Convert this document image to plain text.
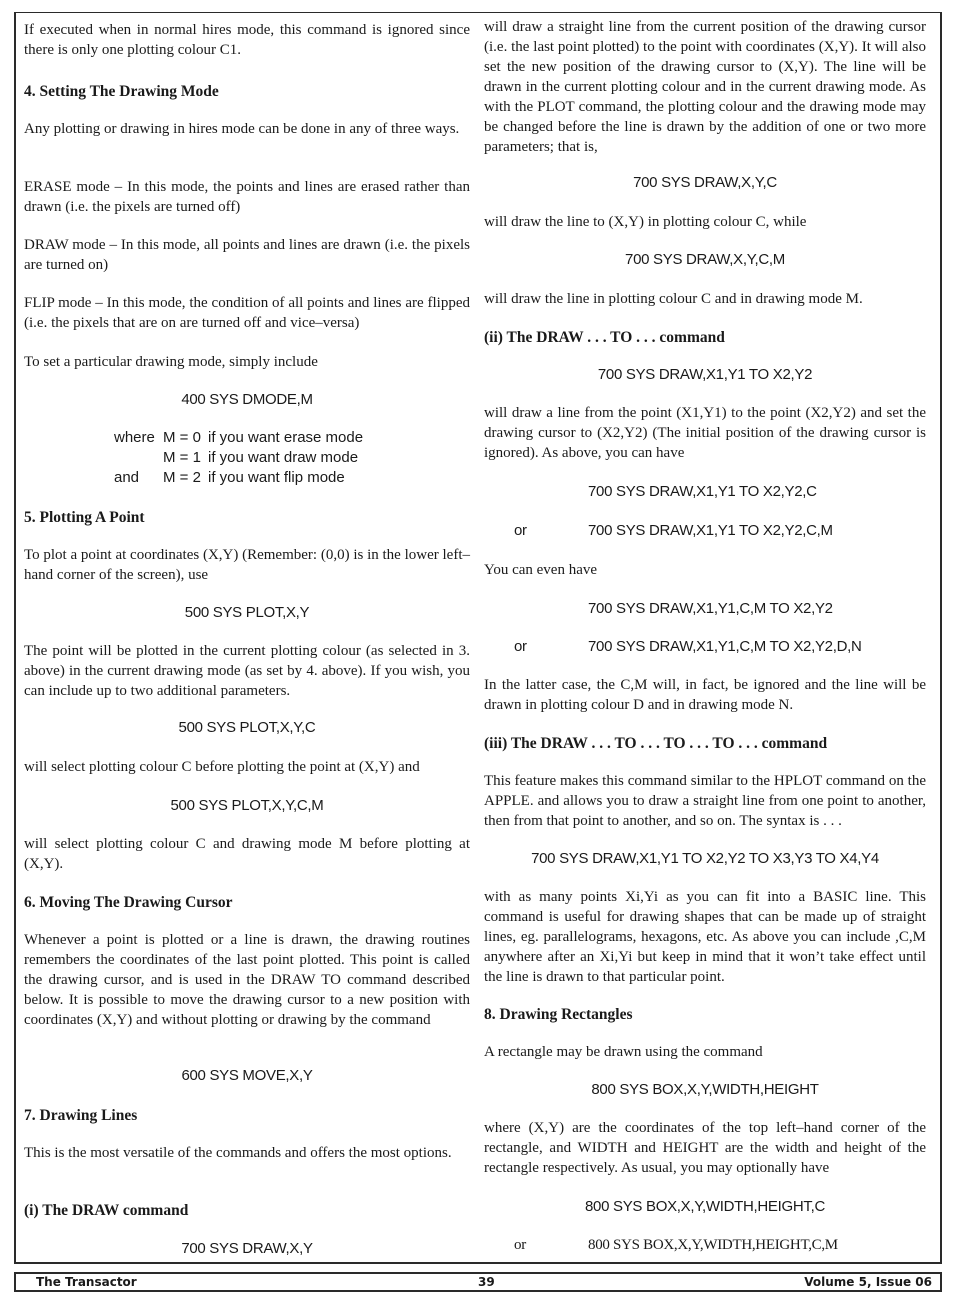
If executed when in normal hires mode, this command is ignored since there is only one plotting colour C1.

4. Setting The Drawing Mode

Any plotting or drawing in hires mode can be done in any of three ways.

ERASE mode – In this mode, the points and lines are erased rather than drawn (i.e. the pixels are turned off)

DRAW mode – In this mode, all points and lines are drawn (i.e. the pixels are turned on)

FLIP mode – In this mode, the condition of all points and lines are flipped (i.e. the pixels that are on are turned off and vice–versa)

To set a particular drawing mode, simply include

400 SYS DMODE,M
where M = 0 if you want erase mode
M = 1 if you want draw mode
and M = 2 if you want flip mode
5. Plotting A Point

To plot a point at coordinates (X,Y) (Remember: (0,0) is in the lower left–hand corner of the screen), use

500 SYS PLOT,X,Y

The point will be plotted in the current plotting colour (as selected in 3. above) in the current drawing mode (as set by 4. above). If you wish, you can include up to two additional parameters.

500 SYS PLOT,X,Y,C

will select plotting colour C before plotting the point at (X,Y) and

500 SYS PLOT,X,Y,C,M

will select plotting colour C and drawing mode M before plotting at (X,Y).

6. Moving The Drawing Cursor

Whenever a point is plotted or a line is drawn, the drawing routines remembers the coordinates of the last point plotted. This point is called the drawing cursor, and is used in the DRAW TO command described below. It is possible to move the drawing cursor to a new position with coordinates (X,Y) and without plotting or drawing by the command

600 SYS MOVE,X,Y
7. Drawing Lines

This is the most versatile of the commands and offers the most options.

(i) The DRAW command
700 SYS DRAW,X,Y

will draw a straight line from the current position of the drawing cursor (i.e. the last point plotted) to the point with coordinates (X,Y). It will also set the new position of the drawing cursor to (X,Y). The line will be drawn in the current plotting colour and in the current drawing mode. As with the PLOT command, the plotting colour and the drawing mode may be changed before the line is drawn by the addition of one or two more parameters; that is,

700 SYS DRAW,X,Y,C

will draw the line to (X,Y) in plotting colour C, while

700 SYS DRAW,X,Y,C,M

will draw the line in plotting colour C and in drawing mode M.

(ii) The DRAW . . . TO . . . command
700 SYS DRAW,X1,Y1 TO X2,Y2

will draw a line from the point (X1,Y1) to the point (X2,Y2) and set the drawing cursor to (X2,Y2) (The initial position of the drawing cursor is ignored). As above, you can have

700 SYS DRAW,X1,Y1 TO X2,Y2,C
or	700 SYS DRAW,X1,Y1 TO X2,Y2,C,M

You can even have

700 SYS DRAW,X1,Y1,C,M TO X2,Y2
or	700 SYS DRAW,X1,Y1,C,M TO X2,Y2,D,N

In the latter case, the C,M will, in fact, be ignored and the line will be drawn in plotting colour D and in drawing mode N.

(iii) The DRAW . . . TO . . . TO . . . TO . . . command

This feature makes this command similar to the HPLOT command on the APPLE. and allows you to draw a straight line from one point to another, then from that point to another, and so on. The syntax is . . .

700 SYS DRAW,X1,Y1 TO X2,Y2 TO X3,Y3 TO X4,Y4

with as many points Xi,Yi as you can fit into a BASIC line. This command is useful for drawing shapes that can be made up of straight lines, eg. parallelograms, hexagons, etc. As above you can include ,C,M anywhere after an Xi,Yi but keep in mind that it won’t take effect until the line is drawn to that particular point.

8. Drawing Rectangles

A rectangle may be drawn using the command

800 SYS BOX,X,Y,WIDTH,HEIGHT

where (X,Y) are the coordinates of the top left–hand corner of the rectangle, and WIDTH and HEIGHT are the width and height of the rectangle respectively. As usual, you may optionally have

800 SYS BOX,X,Y,WIDTH,HEIGHT,C
or	800 SYS BOX,X,Y,WIDTH,HEIGHT,C,M
The Transactor	39	Volume 5, Issue 06
